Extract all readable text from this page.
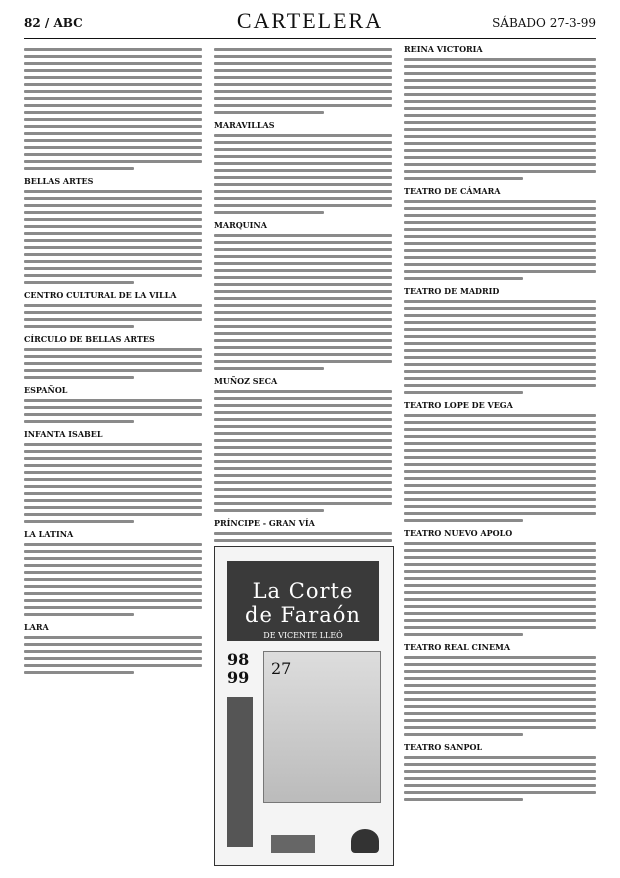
82 / ABC	CARTELERA	SÁBADO 27-3-99
BELLAS ARTES
CENTRO CULTURAL DE LA VILLA
CÍRCULO DE BELLAS ARTES
ESPAÑOL
INFANTA ISABEL
LA LATINA
LARA
MARAVILLAS
MARQUINA
MUÑOZ SECA
PRÍNCIPE - GRAN VÍA
REINA VICTORIA
TEATRO DE CÁMARA
TEATRO DE MADRID
TEATRO LOPE DE VEGA
TEATRO NUEVO APOLO
TEATRO REAL CINEMA
TEATRO SANPOL
La Corte
de Faraón
DE VICENTE LLEÓ
98
99	27
